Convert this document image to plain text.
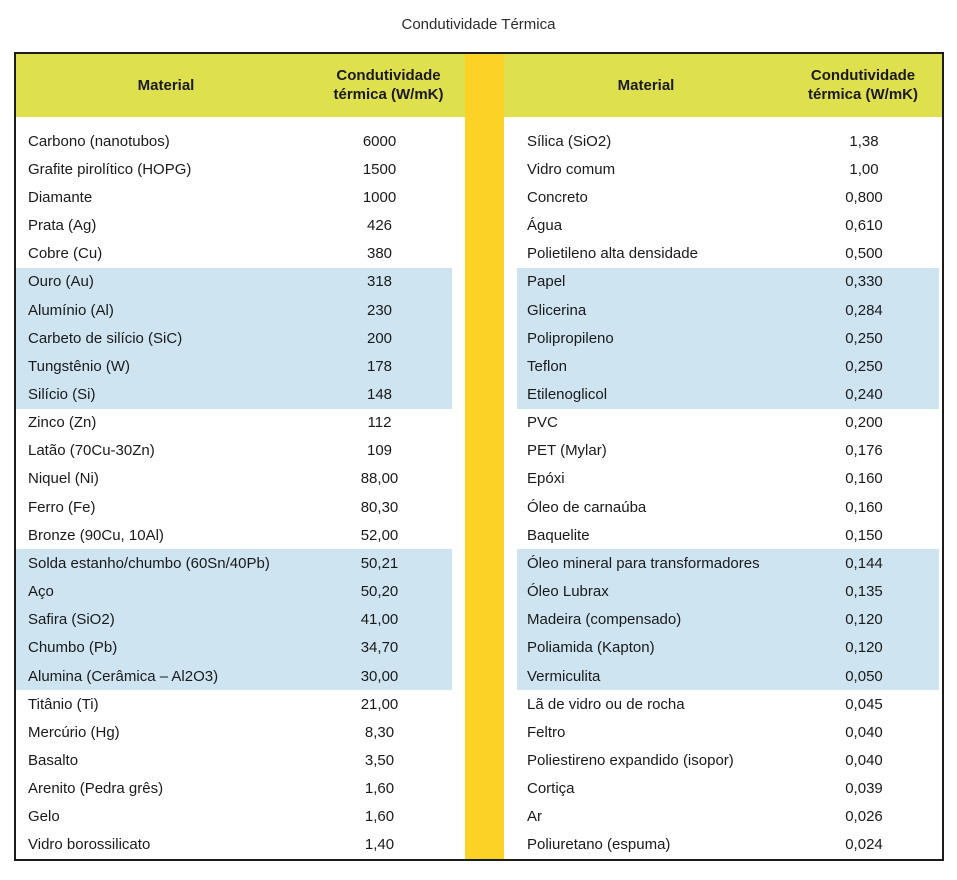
Condutividade Térmica
Material
Condutividade térmica (W/mK)
Carbono (nanotubos)	6000
Grafite pirolítico (HOPG)	1500
Diamante	1000
Prata (Ag)	426
Cobre (Cu)	380
Ouro (Au)	318
Alumínio (Al)	230
Carbeto de silício (SiC)	200
Tungstênio (W)	178
Silício (Si)	148
Zinco (Zn)	112
Latão (70Cu-30Zn)	109
Niquel (Ni)	88,00
Ferro (Fe)	80,30
Bronze (90Cu, 10Al)	52,00
Solda estanho/chumbo (60Sn/40Pb)	50,21
Aço	50,20
Safira (SiO2)	41,00
Chumbo (Pb)	34,70
Alumina (Cerâmica – Al2O3)	30,00
Titânio (Ti)	21,00
Mercúrio (Hg)	8,30
Basalto	3,50
Arenito (Pedra grês)	1,60
Gelo	1,60
Vidro borossilicato	1,40
Material
Condutividade térmica (W/mK)
Sílica (SiO2)	1,38
Vidro comum	1,00
Concreto	0,800
Água	0,610
Polietileno alta densidade	0,500
Papel	0,330
Glicerina	0,284
Polipropileno	0,250
Teflon	0,250
Etilenoglicol	0,240
PVC	0,200
PET (Mylar)	0,176
Epóxi	0,160
Óleo de carnaúba	0,160
Baquelite	0,150
Óleo mineral para transformadores	0,144
Óleo Lubrax	0,135
Madeira (compensado)	0,120
Poliamida (Kapton)	0,120
Vermiculita	0,050
Lã de vidro ou de rocha	0,045
Feltro	0,040
Poliestireno expandido (isopor)	0,040
Cortiça	0,039
Ar	0,026
Poliuretano (espuma)	0,024
